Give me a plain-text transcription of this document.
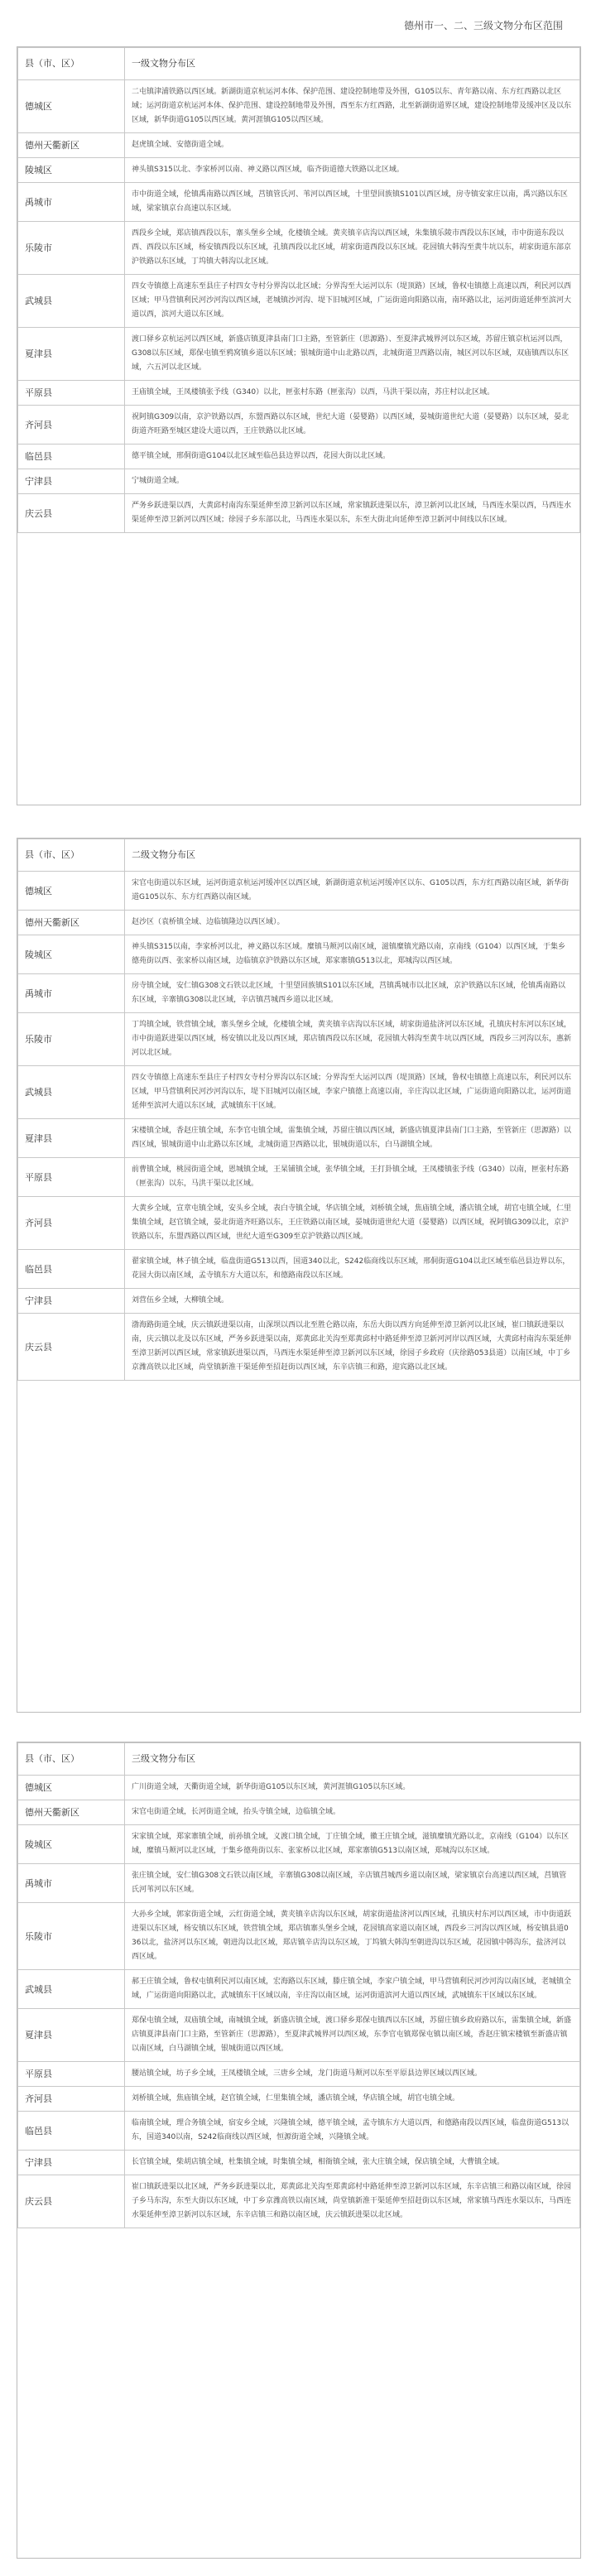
德州市一、二、三级文物分布区范围
县（市、区）	一级文物分布区
德城区	二屯镇津浦铁路以西区域。新湖街道京杭运河本体、保护范围、建设控制地带及外围，G105以东、青年路以南、东方红西路以北区域；运河街道京杭运河本体、保护范围、建设控制地带及外围，西至东方红西路，北至新湖街道界区域，建设控制地带及缓冲区及以东区域，新华街道G105以西区域。黄河涯镇G105以西区域。
德州天衢新区	赵虎镇全域、安德街道全域。
陵城区	神头镇S315以北、李家桥河以南、神义路以西区域，临齐街道德大铁路以北区域。
禹城市	市中街道全域，伦镇禹南路以西区域，莒镇管氏河、苇河以西区域，十里望回族镇S101以西区域，房寺镇安家庄以南，禹兴路以东区域，梁家镇京台高速以东区域。
乐陵市	西段乡全域，郑店镇西段以东，寨头堡乡全域，化楼镇全域。黄夹镇辛店沟以西区域，朱集镇乐陵市西段以东区域，市中街道东段以西、西段以东区域，杨安镇西段以东区域，孔镇西段以北区域，胡家街道西段以东区域。花园镇大韩沟至黄牛坑以东，胡家街道东部京沪铁路以东区域，丁坞镇大韩沟以北区域。
武城县	四女寺镇德上高速东至县庄子村四女寺村分界沟以北区域；分界沟至大运河以东（堤顶路）区域，鲁权屯镇德上高速以西，利民河以西区域；甲马营镇利民河沙河沟以西区域，老城镇沙河沟、堤下旧城河区域，广运街道向阳路以南，南环路以北，运河街道延伸至滨河大道以西，滨河大道以东区域。
夏津县	渡口驿乡京杭运河以西区域，新盛店镇夏津县南门口主路，至管新庄（思源路）、至夏津武城界河以东区域，苏留庄镇京杭运河以西，G308以东区域，郑保屯镇至鸦窝镇乡道以东区域；银城街道中山北路以西，北城街道卫西路以南，城区河以东区域，双庙镇西以东区域，六五河以北区域。
平原县	王庙镇全域，王凤楼镇张予线（G340）以北，匣张村东路（匣张沟）以西，马洪干渠以南，苏庄村以北区域。
齐河县	祝阿镇G309以南，京沪铁路以西，东盟西路以东区域，世纪大道（晏婴路）以西区域，晏城街道世纪大道（晏婴路）以东区域，晏北街道齐旺路至城区建设大道以西，王庄铁路以北区域。
临邑县	德平镇全域，邢侗街道G104以北区域至临邑县边界以西，花园大街以北区域。
宁津县	宁城街道全域。
庆云县	严务乡跃进渠以西，大黄邱村南沟东渠延伸至漳卫新河以东区域，常家镇跃进渠以东，漳卫新河以北区域，马西连水渠以西，马西连水渠延伸至漳卫新河以西区域；徐园子乡东部以北，马西连水渠以东，东至大街北向延伸至漳卫新河中间线以东区域。
县（市、区）	二级文物分布区
德城区	宋官屯街道以东区域，运河街道京杭运河缓冲区以西区域，新湖街道京杭运河缓冲区以东、G105以西，东方红西路以南区域，新华街道G105以东、东方红西路以南区域。
德州天衢新区	赵沙区（袁桥镇全域、边临镇隆边以西区域）。
陵城区	神头镇S315以南，李家桥河以北，神义路以东区域。糜镇马颊河以南区域，滋镇糜镇光路以南，京南线（G104）以西区域，于集乡德苑街以西、张家桥以南区域，边临镇京沪铁路以东区域，郑家寨镇G513以北，郑城沟以西区域。
禹城市	房寺镇全域，安仁镇G308文石铁以北区域，十里望回族镇S101以东区域，莒镇禹城市以北区域，京沪铁路以东区域，伦镇禹南路以东区域，辛寨镇G308以北区域，辛店镇莒城西乡道以北区域。
乐陵市	丁坞镇全域，铁营镇全域，寨头堡乡全域，化楼镇全域，黄夹镇辛店沟以东区域，胡家街道盐济河以东区域，孔镇庆村东河以东区域，市中街道跃进渠以西区域，杨安镇以北及以西区域，郑店镇西段以东区域，花园镇大韩沟至黄牛坑以西区域，西段乡三河沟以东，惠新河以北区域。
武城县	四女寺镇德上高速东至县庄子村四女寺村分界沟以东区域；分界沟至大运河以西（堤顶路）区域，鲁权屯镇德上高速以东，利民河以东区域，甲马营镇利民河沙河沟以东，堤下旧城河以南区域，李家户镇德上高速以南，辛庄沟以北区域，广运街道向阳路以北，运河街道延伸至滨河大道以东区域，武城镇东干区域。
夏津县	宋楼镇全域，香赵庄镇全域，东李官屯镇全域，雷集镇全域，苏留庄镇以西区域，新盛店镇夏津县南门口主路，至管新庄（思源路）以西区域，银城街道中山北路以东区域，北城街道卫西路以北，银城街道以东，白马湖镇全域。
平原县	前曹镇全域，桃园街道全域，恩城镇全域，王杲铺镇全域，张华镇全域，王打卦镇全域，王凤楼镇张予线（G340）以南，匣张村东路（匣张沟）以东，马洪干渠以北区域。
齐河县	大黄乡全域，宣章屯镇全域，安头乡全域，表白寺镇全域，华店镇全域，刘桥镇全域，焦庙镇全域，潘店镇全域，胡官屯镇全域，仁里集镇全域，赵官镇全域，晏北街道齐旺路以东，王庄铁路以南区域，晏城街道世纪大道（晏婴路）以西区域，祝阿镇G309以北，京沪铁路以东，东盟西路以西区域，世纪大道至G309至京沪铁路以西区域。
临邑县	翟家镇全域，林子镇全域，临盘街道G513以西，国道340以北，S242临商线以东区域，邢侗街道G104以北区域至临邑县边界以东，花园大街以南区域，孟寺镇东方大道以东，和德路南段以东区域。
宁津县	刘营伍乡全域，大柳镇全域。
庆云县	渤海路街道全域，庆云镇跃进渠以南，山深坝以西以北至胜仑路以南，东岳大街以西方向延伸至漳卫新河以北区域，崔口镇跃进渠以南，庆云镇以北及以东区域，严务乡跃进渠以南，郑黄邱北关沟至郑黄邱村中路延伸至漳卫新河河岸以西区域，大黄邱村南沟东渠延伸至漳卫新河以西区域，常家镇跃进渠以西，马西连水渠延伸至漳卫新河以东区域，徐园子乡政府（庆徐路053县道）以南区域，中丁乡京潍高铁以北区域，尚堂镇新淮干渠延伸至招赶街以西区域，东辛店镇三和路，迎宾路以北区域。
县（市、区）	三级文物分布区
德城区	广川街道全域，天衢街道全域，新华街道G105以东区域，黄河涯镇G105以东区域。
德州天衢新区	宋官屯街道全域，长河街道全域，抬头寺镇全域，边临镇全域。
陵城区	宋家镇全域，郑家寨镇全域，前孙镇全域，义渡口镇全域，丁庄镇全域，徽王庄镇全域，滋镇糜镇光路以北，京南线（G104）以东区域，糜镇马颊河以北区域，于集乡德苑街以东、张家桥以北区域，郑家寨镇G513以南区域，郑城沟以东区域。
禹城市	张庄镇全域，安仁镇G308文石铁以南区域，辛寨镇G308以南区域，辛店镇莒城西乡道以南区域，梁家镇京台高速以西区域，莒镇管氏河苇河以东区域。
乐陵市	大孙乡全域，郭家街道全域，云红街道全域，黄夹镇辛店沟以东区域，胡家街道盐济河以西区域，孔镇庆村东河以西区域，市中街道跃进渠以东区域，杨安镇以东区域，铁营镇全域，郑店镇寨头堡乡全域，花园镇高家道以南区域，西段乡三河沟以西区域，杨安镇县道036以北，盐济河以东区域，朝进沟以北区域，郑店镇辛店沟以东区域，丁坞镇大韩沟至朝进沟以东区域，花园镇中韩沟东，盐济河以西区域。
武城县	郝王庄镇全域，鲁权屯镇利民河以南区域，宏海路以东区域，滕庄镇全域，李家户镇全域，甲马营镇利民河沙河沟以南区域，老城镇全域，广运街道向阳路以北，武城镇东干区域以南，辛庄沟以南区域，运河街道滨河大道以西区域，武城镇东干区域以东区域。
夏津县	郑保屯镇全域，双庙镇全域，南城镇全域，新盛店镇全域，渡口驿乡郑保屯镇西以东区域，苏留庄镇乡政府路以东，雷集镇全域，新盛店镇夏津县南门口主路，至管新庄（思源路），至夏津武城界河以西区域，东李官屯镇郑保屯镇以南区域，香赵庄镇宋楼镇至新盛店镇以南区域，白马湖镇全域，银城街道以西区域。
平原县	腰站镇全域，坊子乡全域，王凤楼镇全域，三唐乡全域，龙门街道马颊河以东至平原县边界区域以西区域。
齐河县	刘桥镇全域，焦庙镇全域，赵官镇全域，仁里集镇全域，潘店镇全域，华店镇全域，胡官屯镇全域。
临邑县	临南镇全域，理合务镇全域，宿安乡全域，兴隆镇全域，德平镇全域，孟寺镇东方大道以西，和德路南段以西区域，临盘街道G513以东，国道340以南，S242临商线以西区域，恒源街道全域，兴隆镇全域。
宁津县	长官镇全域，柴胡店镇全域，杜集镇全域，时集镇全域，相衙镇全域，张大庄镇全域，保店镇全域，大曹镇全域。
庆云县	崔口镇跃进渠以北区域，严务乡跃进渠以北，郑黄邱北关沟至郑黄邱村中路延伸至漳卫新河以东区域，东辛店镇三和路以南区域，徐园子乡马东沟，东至大街以东区域，中丁乡京潍高铁以南区域，尚堂镇新淮干渠延伸至招赶街以东区域，常家镇马西连水渠以东，马西连水渠延伸至漳卫新河以东区域，东辛店镇三和路以南区域，庆云镇跃进渠以北区域。
